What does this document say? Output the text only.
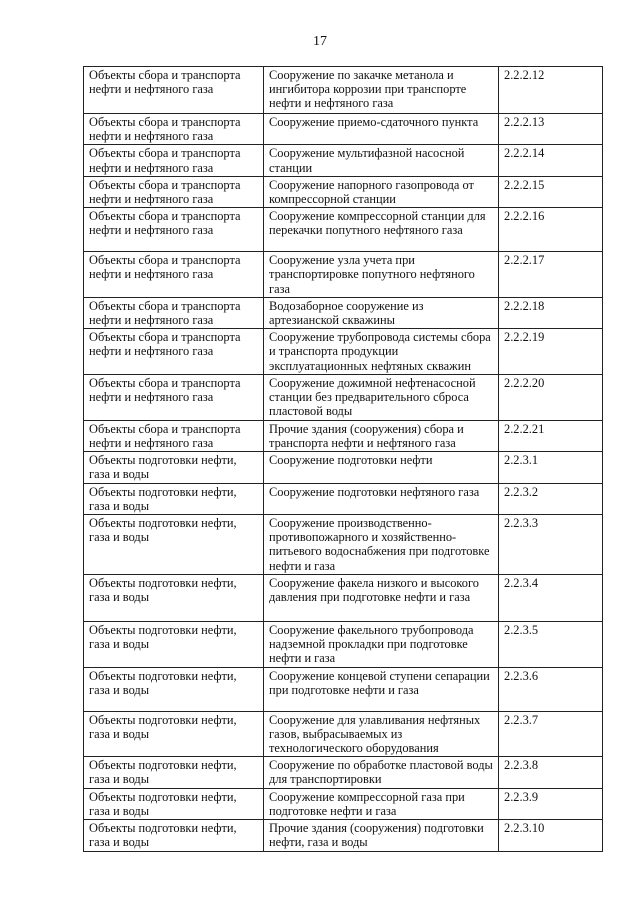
17
Объекты сбора и транспорта нефти и нефтяного газа	Сооружение по закачке метанола и ингибитора коррозии при транспорте нефти и нефтяного газа	2.2.2.12
Объекты сбора и транспорта нефти и нефтяного газа	Сооружение приемо-сдаточного пункта	2.2.2.13
Объекты сбора и транспорта нефти и нефтяного газа	Сооружение мультифазной насосной станции	2.2.2.14
Объекты сбора и транспорта нефти и нефтяного газа	Сооружение напорного газопровода от компрессорной станции	2.2.2.15
Объекты сбора и транспорта нефти и нефтяного газа	Сооружение компрессорной станции для перекачки попутного нефтяного газа	2.2.2.16
Объекты сбора и транспорта нефти и нефтяного газа	Сооружение узла учета при транспортировке попутного нефтяного газа	2.2.2.17
Объекты сбора и транспорта нефти и нефтяного газа	Водозаборное сооружение из артезианской скважины	2.2.2.18
Объекты сбора и транспорта нефти и нефтяного газа	Сооружение трубопровода системы сбора и транспорта продукции эксплуатационных нефтяных скважин	2.2.2.19
Объекты сбора и транспорта нефти и нефтяного газа	Сооружение дожимной нефтенасосной станции без предварительного сброса пластовой воды	2.2.2.20
Объекты сбора и транспорта нефти и нефтяного газа	Прочие здания (сооружения) сбора и транспорта нефти и нефтяного газа	2.2.2.21
Объекты подготовки нефти, газа и воды	Сооружение подготовки нефти	2.2.3.1
Объекты подготовки нефти, газа и воды	Сооружение подготовки нефтяного газа	2.2.3.2
Объекты подготовки нефти, газа и воды	Сооружение производственно-противопожарного и хозяйственно-питьевого водоснабжения при подготовке нефти и газа	2.2.3.3
Объекты подготовки нефти, газа и воды	Сооружение факела низкого и высокого давления при подготовке нефти и газа	2.2.3.4
Объекты подготовки нефти, газа и воды	Сооружение факельного трубопровода надземной прокладки при подготовке нефти и газа	2.2.3.5
Объекты подготовки нефти, газа и воды	Сооружение концевой ступени сепарации при подготовке нефти и газа	2.2.3.6
Объекты подготовки нефти, газа и воды	Сооружение для улавливания нефтяных газов, выбрасываемых из технологического оборудования	2.2.3.7
Объекты подготовки нефти, газа и воды	Сооружение по обработке пластовой воды для транспортировки	2.2.3.8
Объекты подготовки нефти, газа и воды	Сооружение компрессорной газа при подготовке нефти и газа	2.2.3.9
Объекты подготовки нефти, газа и воды	Прочие здания (сооружения) подготовки нефти, газа и воды	2.2.3.10
